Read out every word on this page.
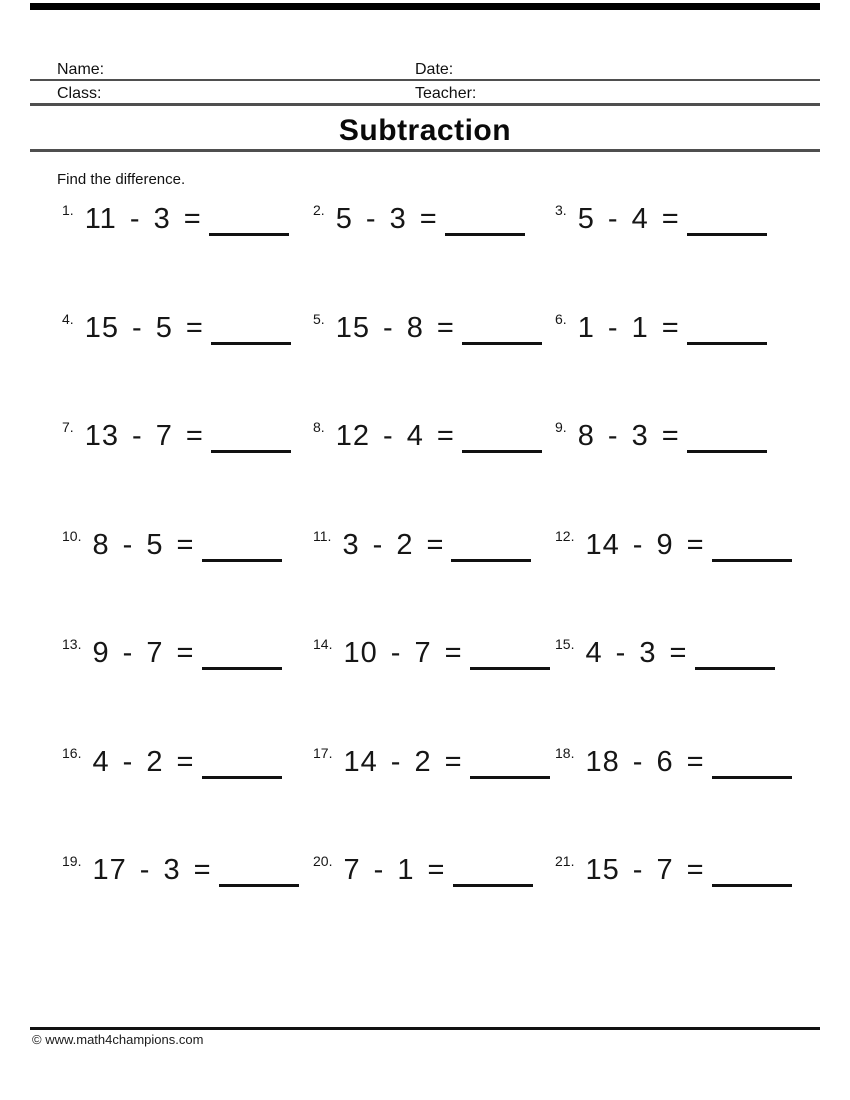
Name:	Date:
Class:	Teacher:
Subtraction
Find the difference.
1. 11 - 3 =	2. 5 - 3 =	3. 5 - 4 =
4. 15 - 5 =	5. 15 - 8 =	6. 1 - 1 =
7. 13 - 7 =	8. 12 - 4 =	9. 8 - 3 =
10. 8 - 5 =	11. 3 - 2 =	12. 14 - 9 =
13. 9 - 7 =	14. 10 - 7 =	15. 4 - 3 =
16. 4 - 2 =	17. 14 - 2 =	18. 18 - 6 =
19. 17 - 3 =	20. 7 - 1 =	21. 15 - 7 =
© www.math4champions.com
